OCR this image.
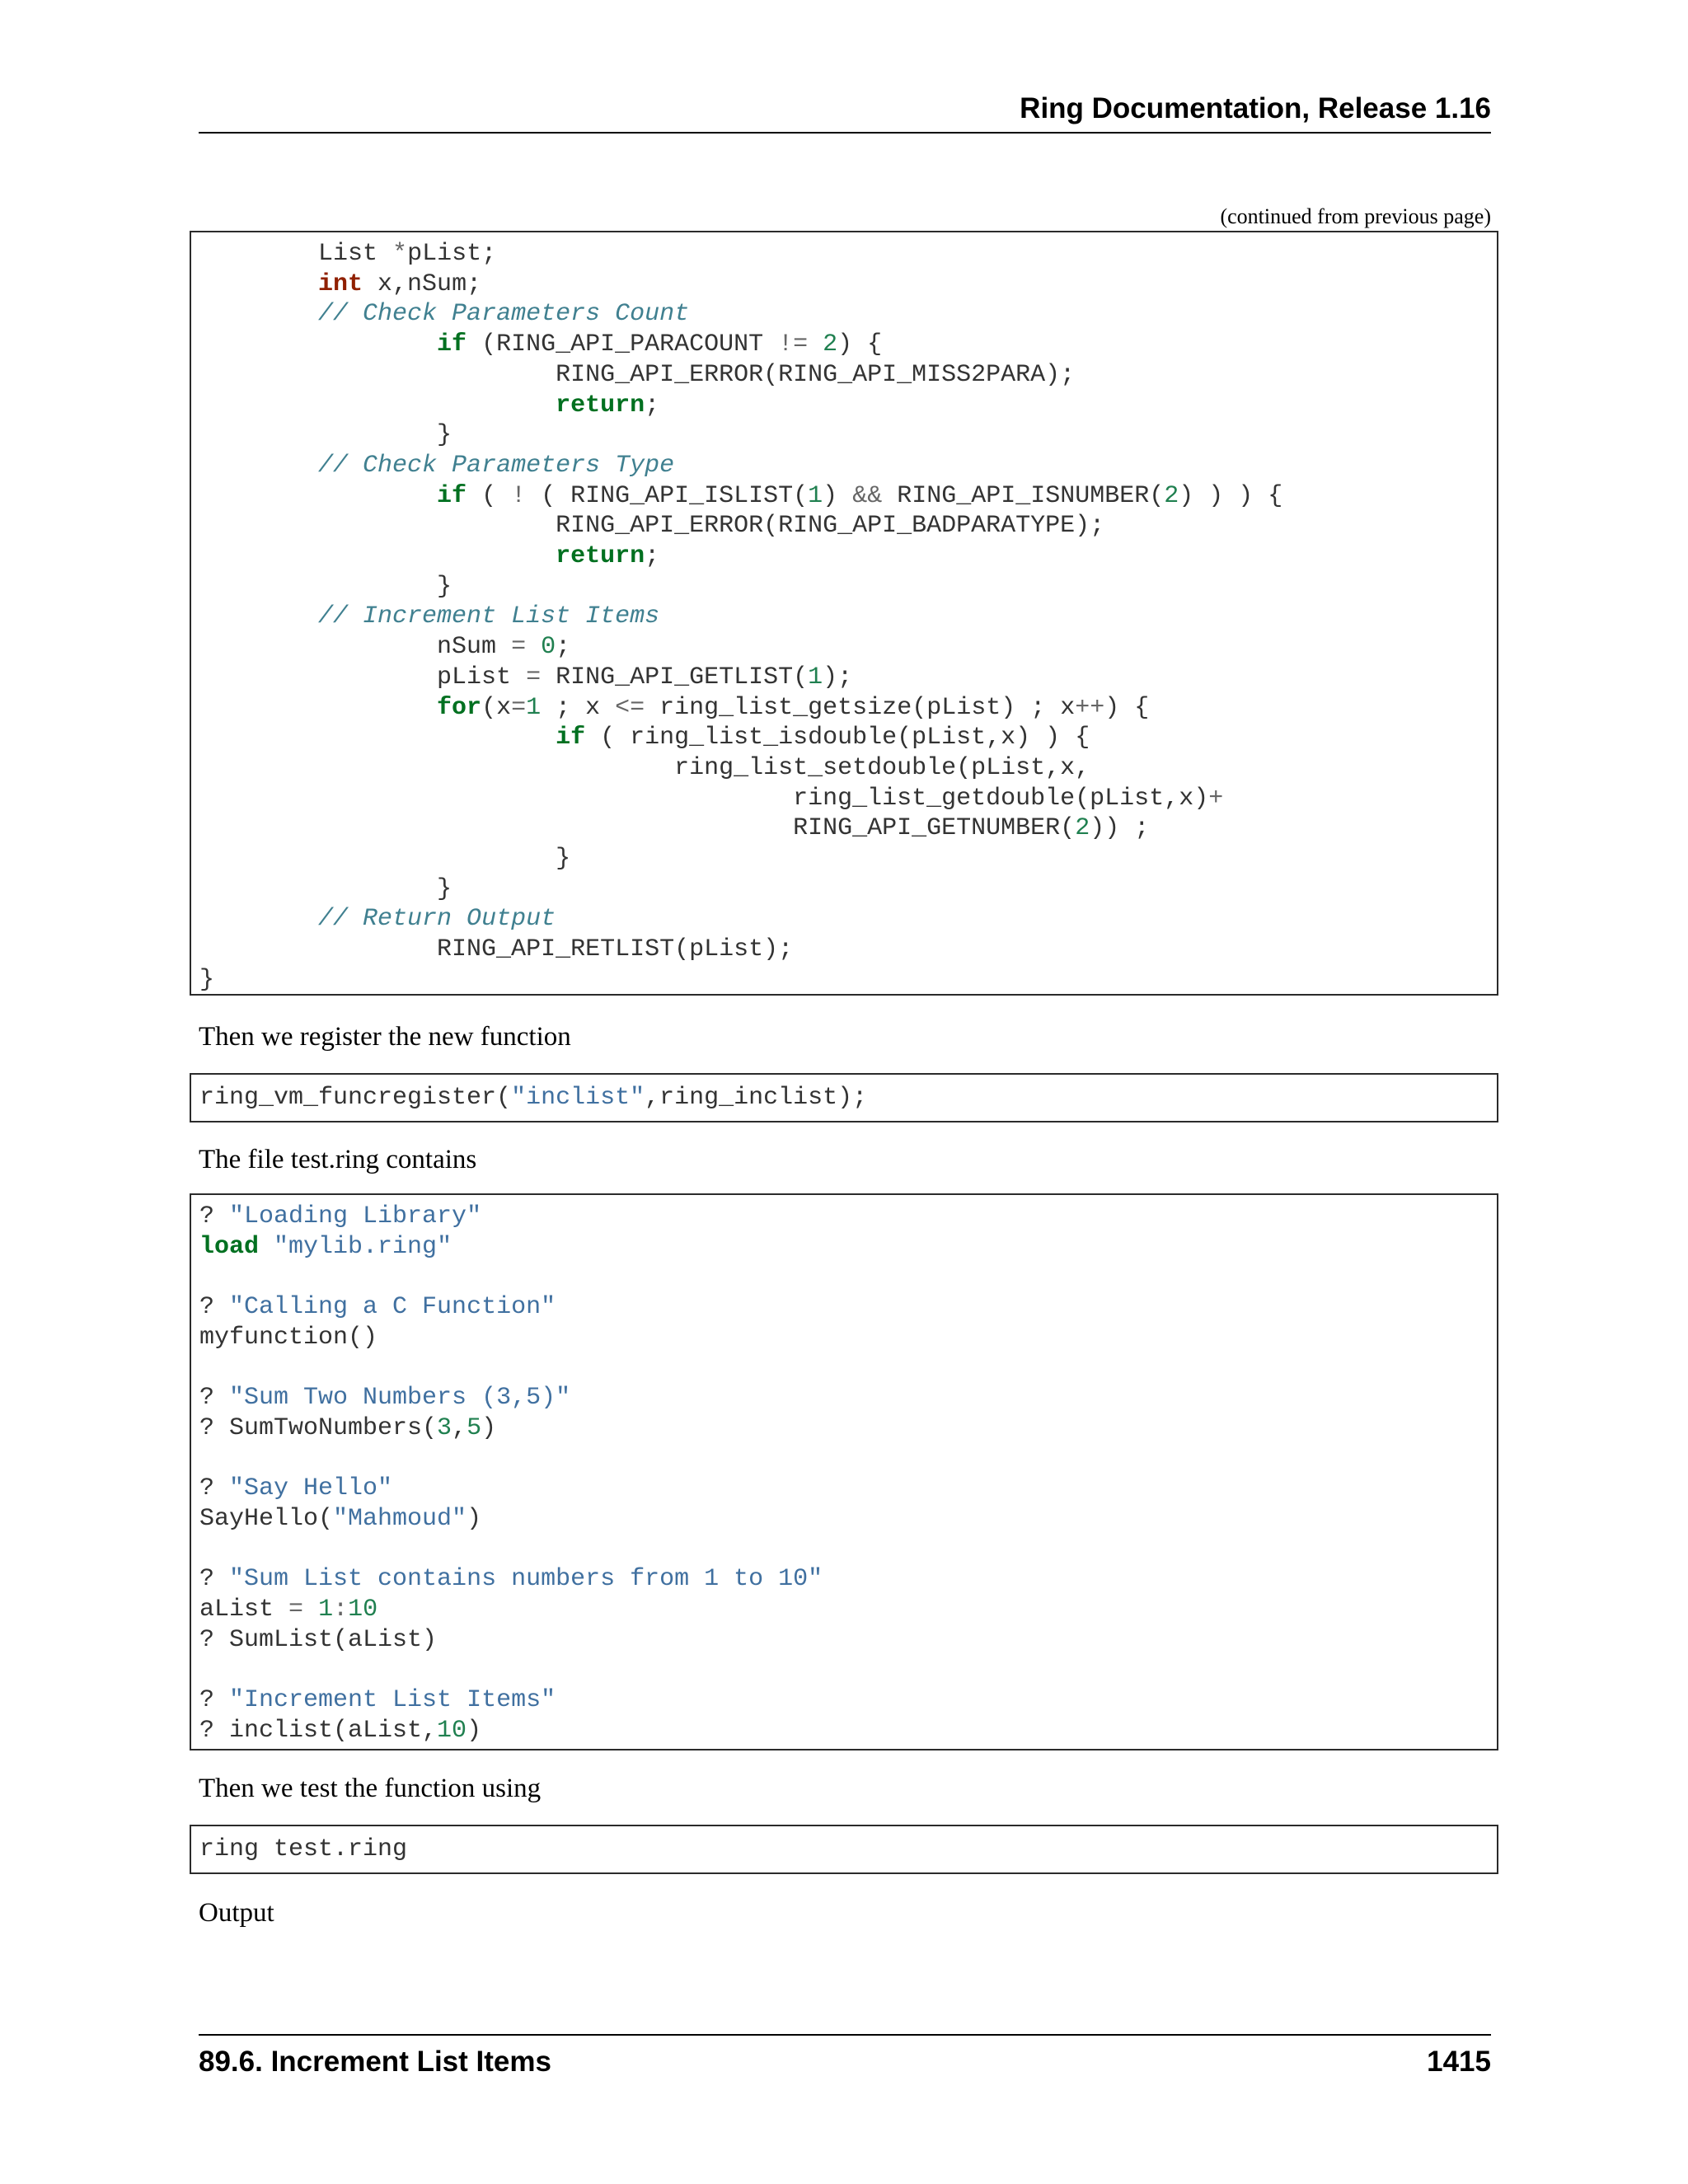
Ring Documentation, Release 1.16
(continued from previous page)
List *pList;
int x,nSum;
// Check Parameters Count
if (RING_API_PARACOUNT != 2) {
RING_API_ERROR(RING_API_MISS2PARA);
return;
}
// Check Parameters Type
if ( ! ( RING_API_ISLIST(1) && RING_API_ISNUMBER(2) ) ) {
RING_API_ERROR(RING_API_BADPARATYPE);
return;
}
// Increment List Items
nSum = 0;
pList = RING_API_GETLIST(1);
for(x=1 ; x <= ring_list_getsize(pList) ; x++) {
if ( ring_list_isdouble(pList,x) ) {
ring_list_setdouble(pList,x,
ring_list_getdouble(pList,x)+
RING_API_GETNUMBER(2)) ;
}
}
// Return Output
RING_API_RETLIST(pList);
}
Then we register the new function
ring_vm_funcregister("inclist",ring_inclist);
The file test.ring contains
? "Loading Library"
load "mylib.ring"

? "Calling a C Function"
myfunction()

? "Sum Two Numbers (3,5)"
? SumTwoNumbers(3,5)

? "Say Hello"
SayHello("Mahmoud")

? "Sum List contains numbers from 1 to 10"
aList = 1:10
? SumList(aList)

? "Increment List Items"
? inclist(aList,10)
Then we test the function using
ring test.ring
Output
89.6. Increment List Items	1415
